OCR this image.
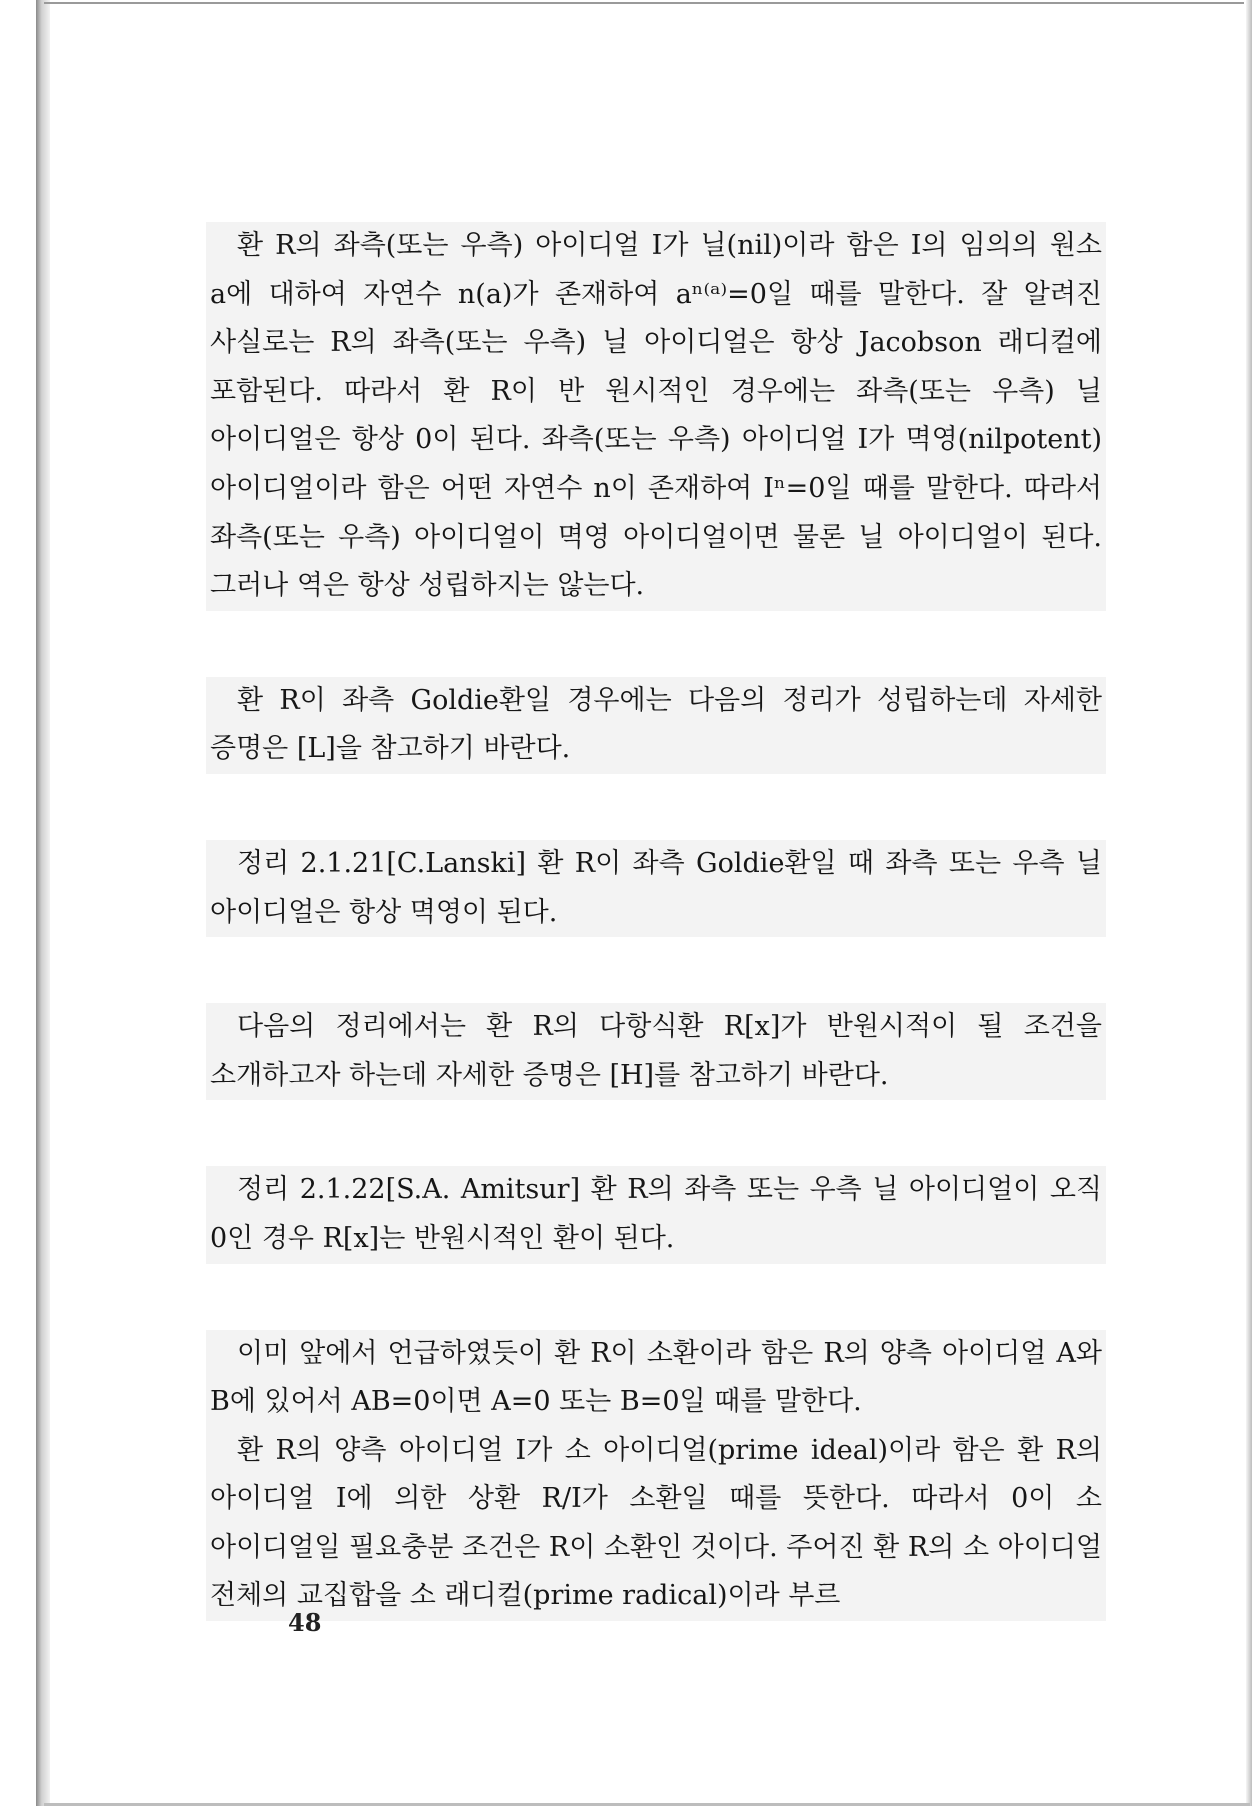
환 R의 좌측(또는 우측) 아이디얼 I가 닐(nil)이라 함은 I의 임의의 원소 a에 대하여 자연수 n(a)가 존재하여 aⁿ⁽ᵃ⁾=0일 때를 말한다. 잘 알려진 사실로는 R의 좌측(또는 우측) 닐 아이디얼은 항상 Jacobson 래디컬에 포함된다. 따라서 환 R이 반 원시적인 경우에는 좌측(또는 우측) 닐 아이디얼은 항상 0이 된다. 좌측(또는 우측) 아이디얼 I가 멱영(nilpotent) 아이디얼이라 함은 어떤 자연수 n이 존재하여 Iⁿ=0일 때를 말한다. 따라서 좌측(또는 우측) 아이디얼이 멱영 아이디얼이면 물론 닐 아이디얼이 된다. 그러나 역은 항상 성립하지는 않는다.

환 R이 좌측 Goldie환일 경우에는 다음의 정리가 성립하는데 자세한 증명은 [L]을 참고하기 바란다.

정리 2.1.21[C.Lanski] 환 R이 좌측 Goldie환일 때 좌측 또는 우측 닐 아이디얼은 항상 멱영이 된다.

다음의 정리에서는 환 R의 다항식환 R[x]가 반원시적이 될 조건을 소개하고자 하는데 자세한 증명은 [H]를 참고하기 바란다.

정리 2.1.22[S.A. Amitsur] 환 R의 좌측 또는 우측 닐 아이디얼이 오직 0인 경우 R[x]는 반원시적인 환이 된다.

이미 앞에서 언급하였듯이 환 R이 소환이라 함은 R의 양측 아이디얼 A와 B에 있어서 AB=0이면 A=0 또는 B=0일 때를 말한다.

환 R의 양측 아이디얼 I가 소 아이디얼(prime ideal)이라 함은 환 R의 아이디얼 I에 의한 상환 R/I가 소환일 때를 뜻한다. 따라서 0이 소 아이디얼일 필요충분 조건은 R이 소환인 것이다. 주어진 환 R의 소 아이디얼 전체의 교집합을 소 래디컬(prime radical)이라 부르

48
